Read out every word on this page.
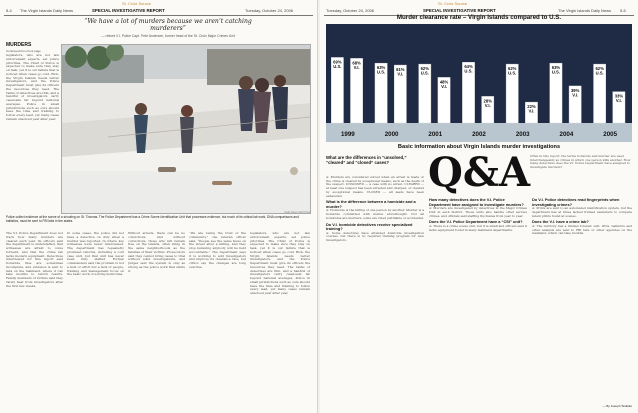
5-4 The Virgin Islands Daily News	SPECIAL INVESTIGATIVE REPORT	Tuesday, October 24, 2006
St. Croix Source
“We have a lot of murders because we aren’t catching murderers”
— retired V.I. Police Capt. Pete Andersen, former head of the St. Croix Major Crimes Unit
MURDERS
Continued from front page
legislators, who are not law enforcement experts, set police priorities. The Chief of Police is expected to make sure they stay on task, yet it is our failure that is noticed when cases go cold. Rick, the Virgin Islands needs better investigators, and the Police Department must give its officers the resources they need. The ranks of detectives are thin, and a handful of investigators carry caseloads far beyond national averages. Police in small jurisdictions such as ours should have the time and training to follow every lead, yet many cases remain unsolved year after year.
Daily News Staff Photo
Police collect evidence at the scene of a shooting on St. Thomas. The Police Department has a Crime Scene Identification Unit that processes evidence, but much of its critical lab work, DNA comparisons and ballistics, must be sent to FBI labs in the states.
The V.I. Police Department does not track how many murders are cleared each year. Its officers said the department is understaffed, that witnesses are afraid to come forward, and that the crime lab lacks modern equipment. Detectives interviewed for this report said homicide files are sometimes incomplete, and evidence is sent to labs on the mainland, where it can take months to return results. Family members of victims said they rarely hear from investigators after the first few weeks.
In some cases, the police did not have a detective on duty when a murder was reported. In others, key witnesses were never interviewed. The department has repeatedly promised reforms, including a cold case unit, but that unit has never been fully staffed. Former commanders said the problem is not a lack of effort but a lack of people, training and management focus on the basic work of solving homicides.
Without arrests, there can be no convictions. And without convictions, those who kill remain free on the islands, often living in the same neighborhoods as the families of their victims. Prosecutors said they cannot bring cases to trial without solid investigations, and judges said the system is only as strong as the police work that starts it.
“We are losing the trust of the community,” one veteran officer said. “People see the same faces on the street after a killing, and they stop believing anybody will be held accountable.” The department says it is working to add investigators and improve its clearance rate, but critics say the changes are long overdue.
legislators, who are not law enforcement experts, set police priorities. The Chief of Police is expected to make sure they stay on task, yet it is our failure that is noticed when cases go cold. Rick, the Virgin Islands needs better investigators, and the Police Department must give its officers the resources they need. The ranks of detectives are thin, and a handful of investigators carry caseloads far beyond national averages. Police in small jurisdictions such as ours should have the time and training to follow every lead, yet many cases remain unsolved year after year.
Tuesday, October 24, 2006
St. Croix Source
SPECIAL INVESTIGATIVE REPORT	The Virgin Islands Daily News 5-5
Murder clearance rate – Virgin Islands compared to U.S.
69%
U.S.
68%
V.I.
1999
63%
U.S.
61%
V.I.
2000
62%
U.S.
48%
V.I.
2001
64%
U.S.
28%
V.I.
2002
62%
U.S.
22%
V.I.
2003
63%
U.S.
39%
V.I.
2004
62%
U.S.
33%
V.I.
2005
Basic information about Virgin Islands murder investigations
What are the differences in “unsolved,” “cleared” and “closed” cases? Q&A Often in this report, the terms homicide and murder are used interchangeably as crimes in which one person kills another. How many detectives does the V.I. Police Department have assigned to investigate murders?
A: Murders are considered solved when an arrest is made or the crime is cleared by exceptional means, such as the death of the suspect. UNSOLVED — a case with no arrest. CLEARED — at least one suspect has been arrested and charged, or cleared by exceptional means. CLOSED — all leads have been exhausted.
What is the difference between a homicide and a murder?
A: Homicide is the killing of one person by another. Murder is a homicide committed with malice aforethought. Not all homicides are murders; some are ruled justifiable or accidental.
Do V.I. homicide detectives receive specialized training?
A: Some detectives have attended homicide investigation courses, but there is no required training program for new investigators.
How many detectives does the V.I. Police Department have assigned to investigate murders?
A: Murders are investigated by detectives in the Major Crimes Unit in each district. Those units also handle other serious crimes, and officials said staffing fluctuates from year to year.
Does the V.I. Police Department have a “CSI” unit?
A: There is a crime scene unit, but it is small and officers said it lacks equipment found in many mainland departments.
Do V.I. Police detectives read fingerprints when investigating crimes?
A: Prints are sent to an automated identification system, but the department has at times lacked trained examiners to compare latent prints found at scenes.
Does the V.I. have a crime lab?
A: The territory has a limited forensic unit. DNA, ballistics and other analysis are sent to FBI labs or other agencies on the mainland, which can take months.
— By Joseph Tsidulko
